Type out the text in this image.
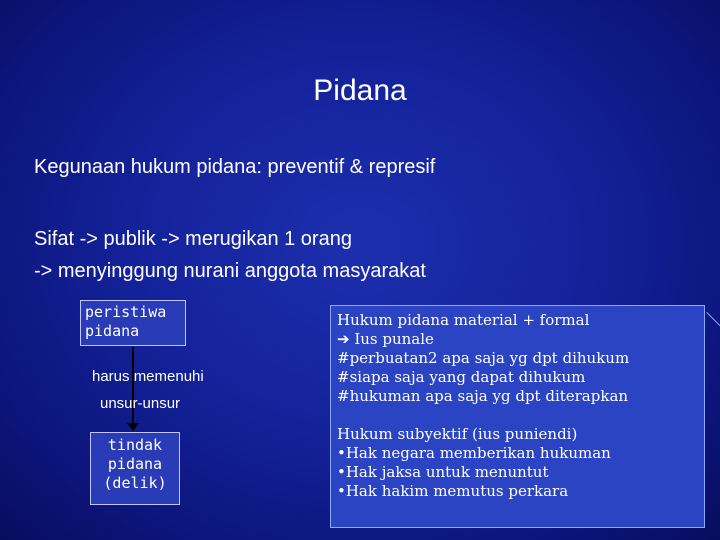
Pidana
Kegunaan hukum pidana: preventif & represif
Sifat -> publik -> merugikan 1 orang
-> menyinggung nurani anggota masyarakat
peristiwa
pidana
harus memenuhi
unsur-unsur
tindak
pidana
(delik)
Hukum pidana material + formal
➔ Ius punale
#perbuatan2 apa saja yg dpt dihukum
#siapa saja yang dapat dihukum
#hukuman apa saja yg dpt diterapkan
Hukum subyektif (ius puniendi)
•Hak negara memberikan hukuman
•Hak jaksa untuk menuntut
•Hak hakim memutus perkara
